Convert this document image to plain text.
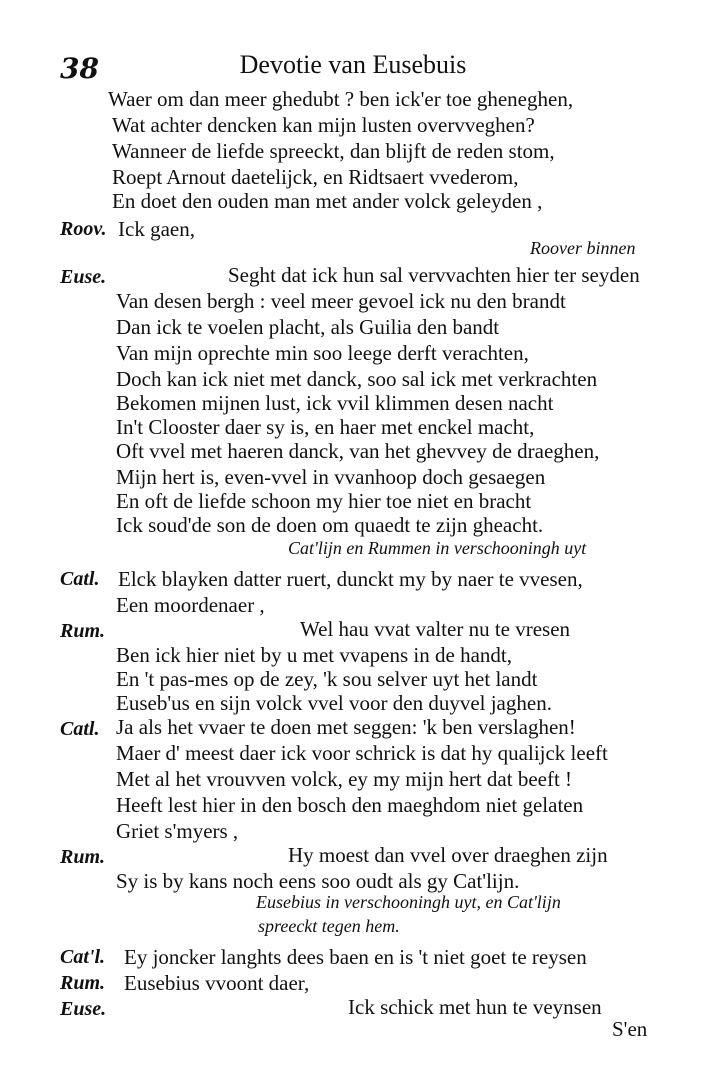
38	Devotie van Eusebuis
Waer om dan meer ghedubt ? ben ick'er toe gheneghen,
Wat achter dencken kan mijn lusten overvveghen?
Wanneer de liefde spreeckt, dan blijft de reden stom,
Roept Arnout daetelijck, en Ridtsaert vvederom,
En doet den ouden man met ander volck geleyden ,
Ick gaen,
Seght dat ick hun sal vervvachten hier ter seyden
Van desen bergh : veel meer gevoel ick nu den brandt
Dan ick te voelen placht, als Guilia den bandt
Van mijn oprechte min soo leege derft verachten,
Doch kan ick niet met danck, soo sal ick met verkrachten
Bekomen mijnen lust, ick vvil klimmen desen nacht
In't Clooster daer sy is, en haer met enckel macht,
Oft vvel met haeren danck, van het ghevvey de draeghen,
Mijn hert is, even-vvel in vvanhoop doch gesaegen
En oft de liefde schoon my hier toe niet en bracht
Ick soud'de son de doen om quaedt te zijn gheacht.
Elck blayken datter ruert, dunckt my by naer te vvesen,
Een moordenaer ,
Wel hau vvat valter nu te vresen
Ben ick hier niet by u met vvapens in de handt,
En 't pas-mes op de zey, 'k sou selver uyt het landt
Euseb'us en sijn volck vvel voor den duyvel jaghen.
Ja als het vvaer te doen met seggen: 'k ben verslaghen!
Maer d' meest daer ick voor schrick is dat hy qualijck leeft
Met al het vrouvven volck, ey my mijn hert dat beeft !
Heeft lest hier in den bosch den maeghdom niet gelaten
Griet s'myers ,
Hy moest dan vvel over draeghen zijn
Sy is by kans noch eens soo oudt als gy Cat'lijn.
Ey joncker langhts dees baen en is 't niet goet te reysen
Eusebius vvoont daer,
Ick schick met hun te veynsen
S'en
Roov.
Euse.
Catl.
Rum.
Catl.
Rum.
Cat'l.
Rum.
Euse.
Roover binnen
Cat'lijn en Rummen in verschooningh uyt
Eusebius in verschooningh uyt, en Cat'lijn
spreeckt tegen hem.
